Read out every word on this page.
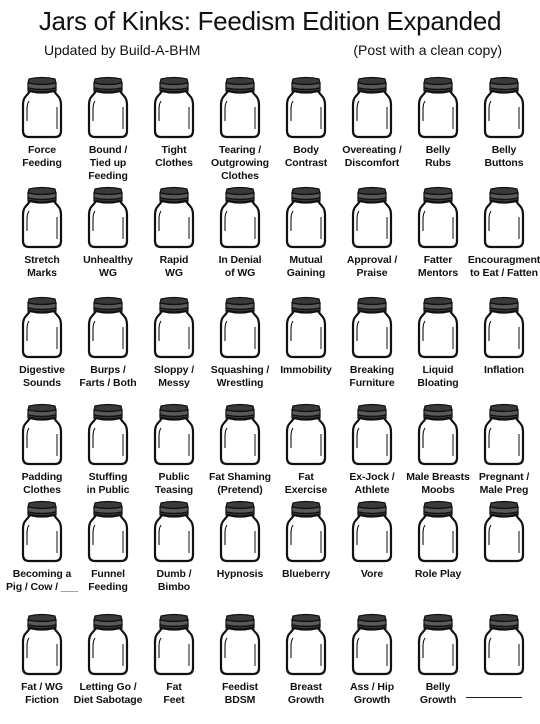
Jars of Kinks: Feedism Edition Expanded
Updated by Build-A-BHM	(Post with a clean copy)
Force
Feeding
Bound /
Tied up
Feeding
Tight
Clothes
Tearing /
Outgrowing
Clothes
Body
Contrast
Overeating /
Discomfort
Belly
Rubs
Belly
Buttons
Stretch
Marks
Unhealthy
WG
Rapid
WG
In Denial
of WG
Mutual
Gaining
Approval /
Praise
Fatter
Mentors
Encouragment
to Eat / Fatten
Digestive
Sounds
Burps /
Farts / Both
Sloppy /
Messy
Squashing /
Wrestling
Immobility	Breaking
Furniture
Liquid
Bloating
Inflation
Padding
Clothes
Stuffing
in Public
Public
Teasing
Fat Shaming
(Pretend)
Fat
Exercise
Ex-Jock /
Athlete
Male Breasts
Moobs
Pregnant /
Male Preg
Becoming a
Pig / Cow / ___
Funnel
Feeding
Dumb /
Bimbo
Hypnosis	Blueberry	Vore	Role Play
Fat / WG
Fiction
Letting Go /
Diet Sabotage
Fat
Feet
Feedist
BDSM
Breast
Growth
Ass / Hip
Growth
Belly
Growth
